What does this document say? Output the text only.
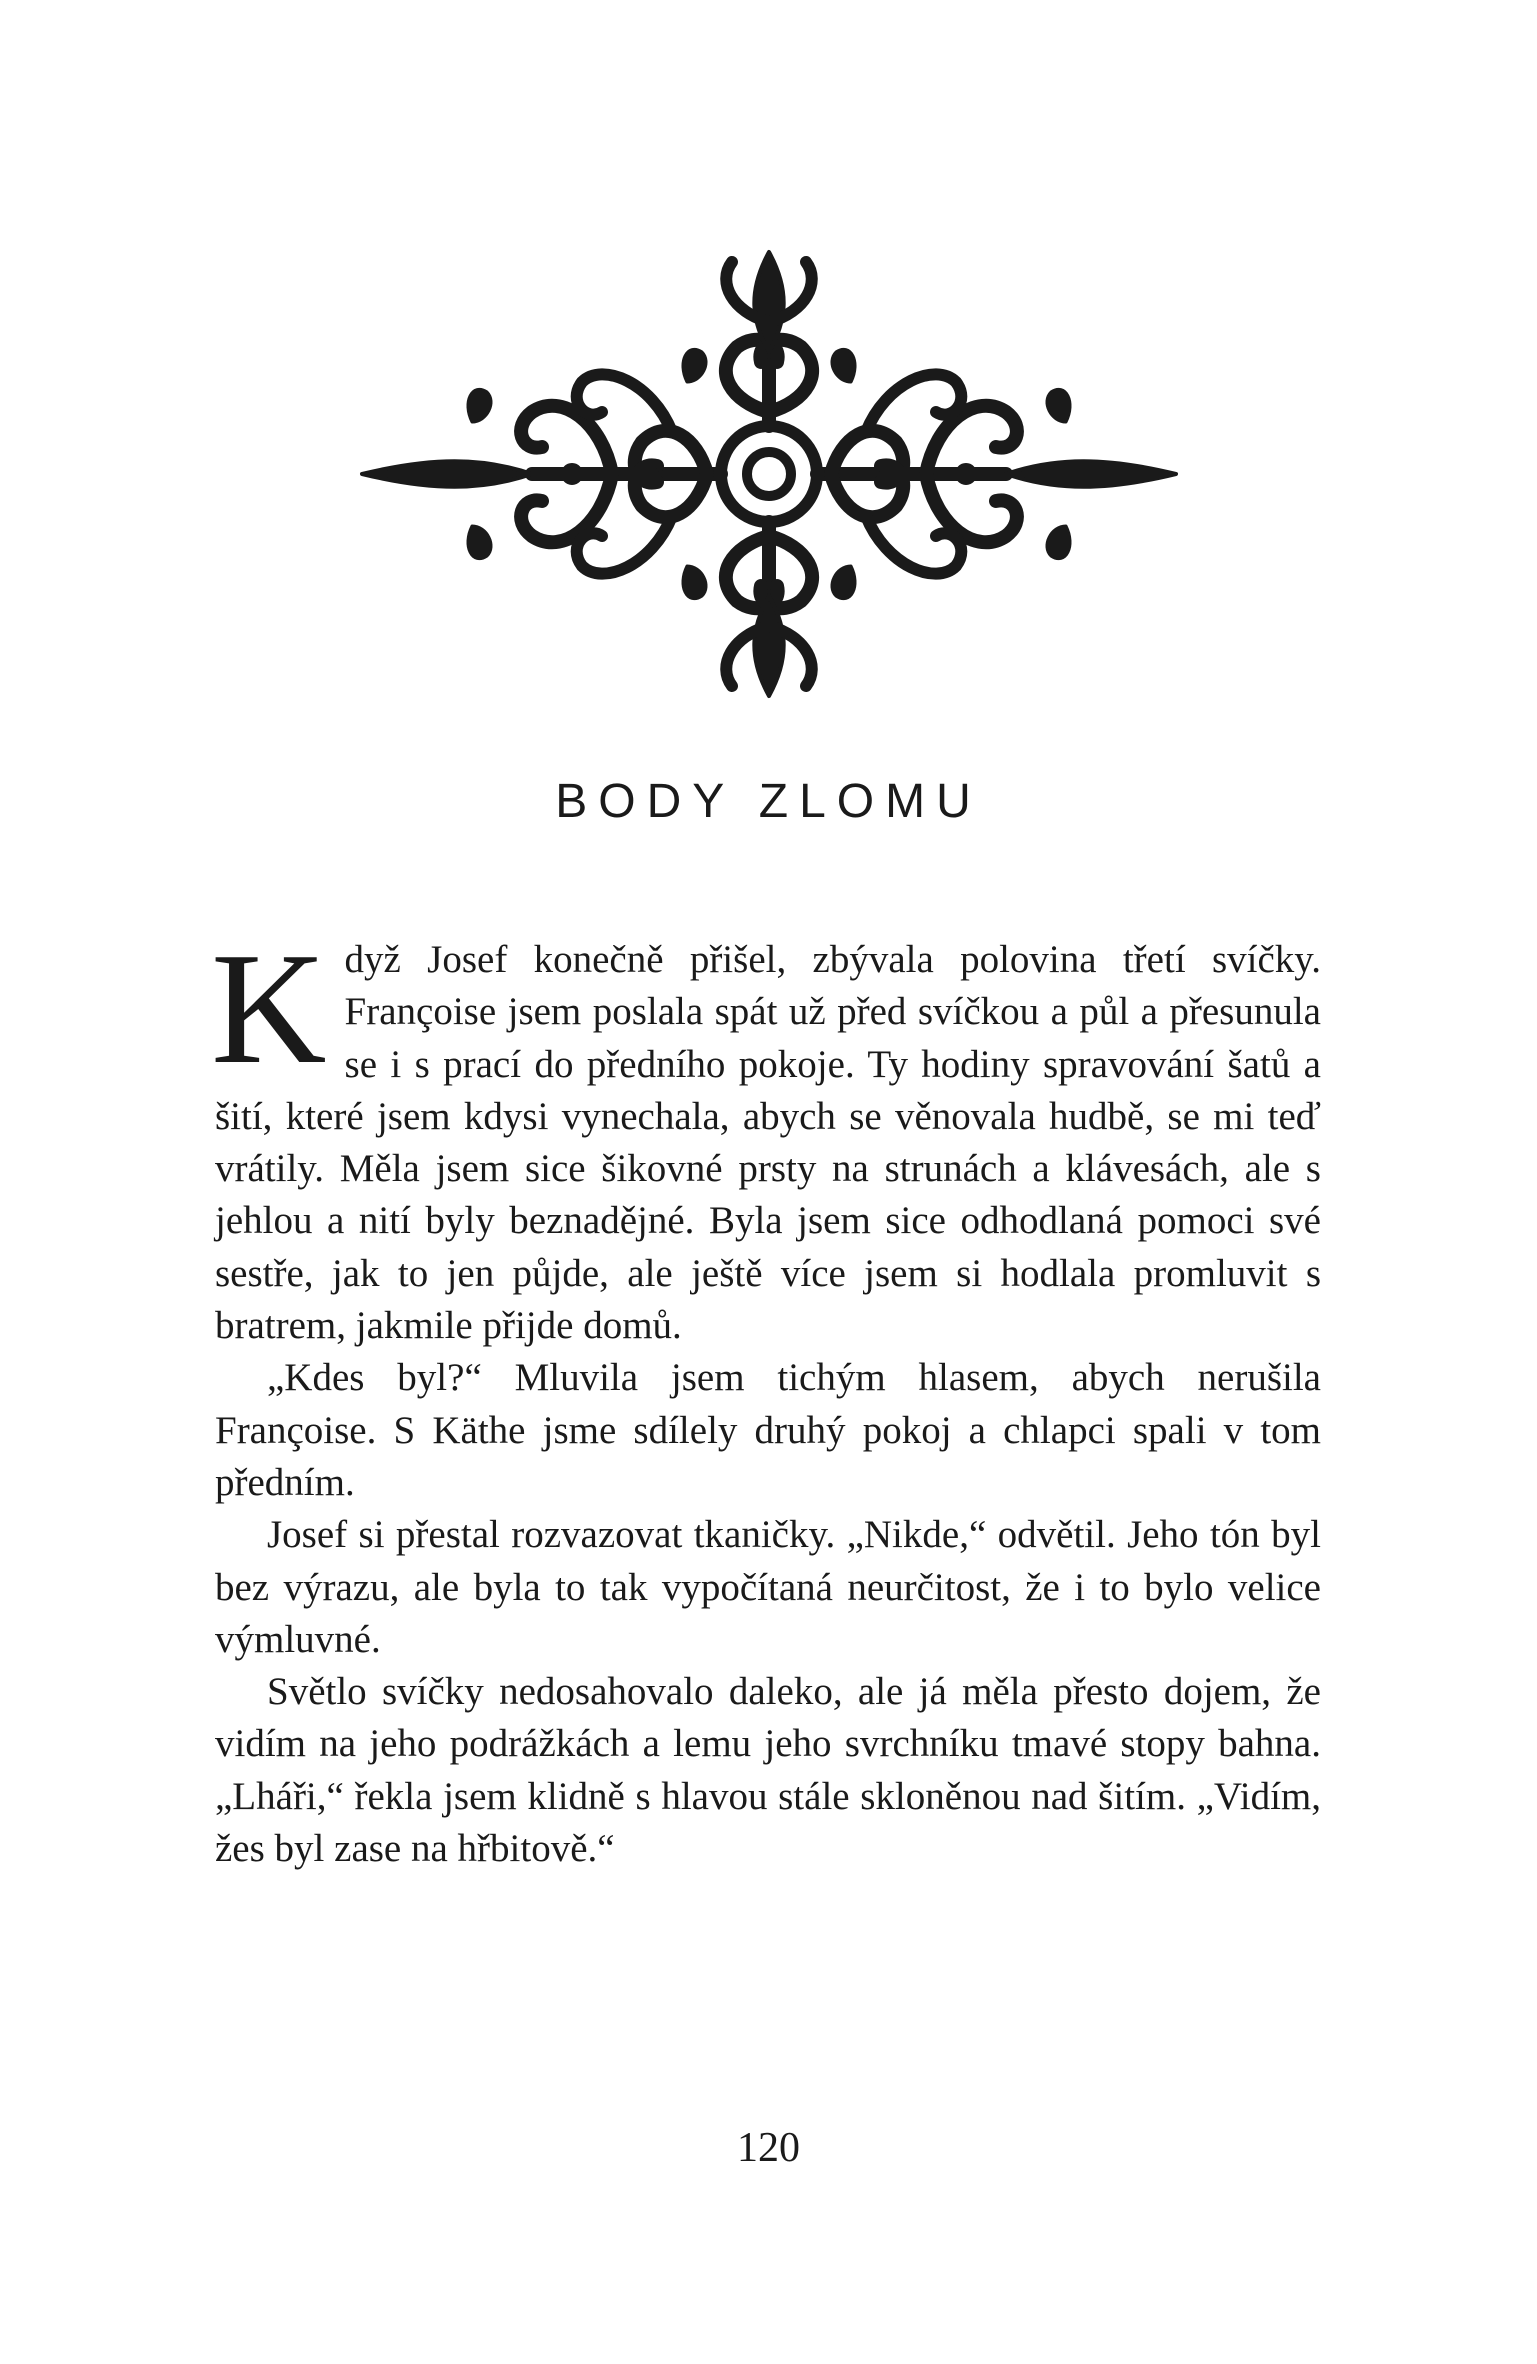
BODY ZLOMU

Když Josef konečně přišel, zbývala polovina třetí svíčky. Françoise jsem poslala spát už před svíčkou a půl a přesunula se i s prací do předního pokoje. Ty hodiny spravování šatů a šití, které jsem kdysi vynechala, abych se věnovala hudbě, se mi teď vrátily. Měla jsem sice šikovné prsty na strunách a klávesách, ale s jehlou a nití byly beznadějné. Byla jsem sice odhodlaná pomoci své sestře, jak to jen půjde, ale ještě více jsem si hodlala promluvit s bratrem, jakmile přijde domů.

„Kdes byl?“ Mluvila jsem tichým hlasem, abych nerušila Françoise. S Käthe jsme sdílely druhý pokoj a chlapci spali v tom předním.

Josef si přestal rozvazovat tkaničky. „Nikde,“ odvětil. Jeho tón byl bez výrazu, ale byla to tak vypočítaná neurčitost, že i to bylo velice výmluvné.

Světlo svíčky nedosahovalo daleko, ale já měla přesto dojem, že vidím na jeho podrážkách a lemu jeho svrchníku tmavé stopy bahna. „Lháři,“ řekla jsem klidně s hlavou stále skloněnou nad šitím. „Vidím, žes byl zase na hřbitově.“

120
